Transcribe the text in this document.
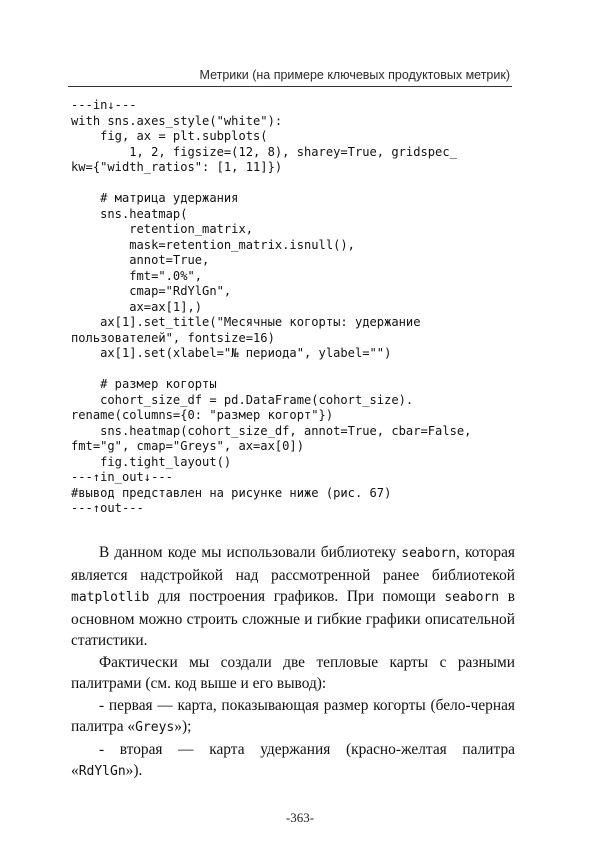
Метрики (на примере ключевых продуктовых метрик)
---in↓---
with sns.axes_style("white"):
fig, ax = plt.subplots(
1, 2, figsize=(12, 8), sharey=True, gridspec_
kw={"width_ratios": [1, 11]})
# матрица удержания
sns.heatmap(
retention_matrix,
mask=retention_matrix.isnull(),
annot=True,
fmt=".0%",
cmap="RdYlGn",
ax=ax[1],)
ax[1].set_title("Месячные когорты: удержание
пользователей", fontsize=16)
ax[1].set(xlabel="№ периода", ylabel="")
# размер когорты
cohort_size_df = pd.DataFrame(cohort_size).
rename(columns={0: "размер когорт"})
sns.heatmap(cohort_size_df, annot=True, cbar=False,
fmt="g", cmap="Greys", ax=ax[0])
fig.tight_layout()
---↑in_out↓---
#вывод представлен на рисунке ниже (рис. 67)
---↑out---

В данном коде мы использовали библиотеку seaborn, которая является надстройкой над рассмотренной ранее библиотекой matplotlib для построения графиков. При помощи seaborn в основном можно строить сложные и гибкие графики описательной статистики.

Фактически мы создали две тепловые карты с разными палитрами (см. код выше и его вывод):

- первая — карта, показывающая размер когорты (бело-черная палитра «Greys»);

- вторая — карта удержания (красно-желтая палитра «RdYlGn»).

-363-
